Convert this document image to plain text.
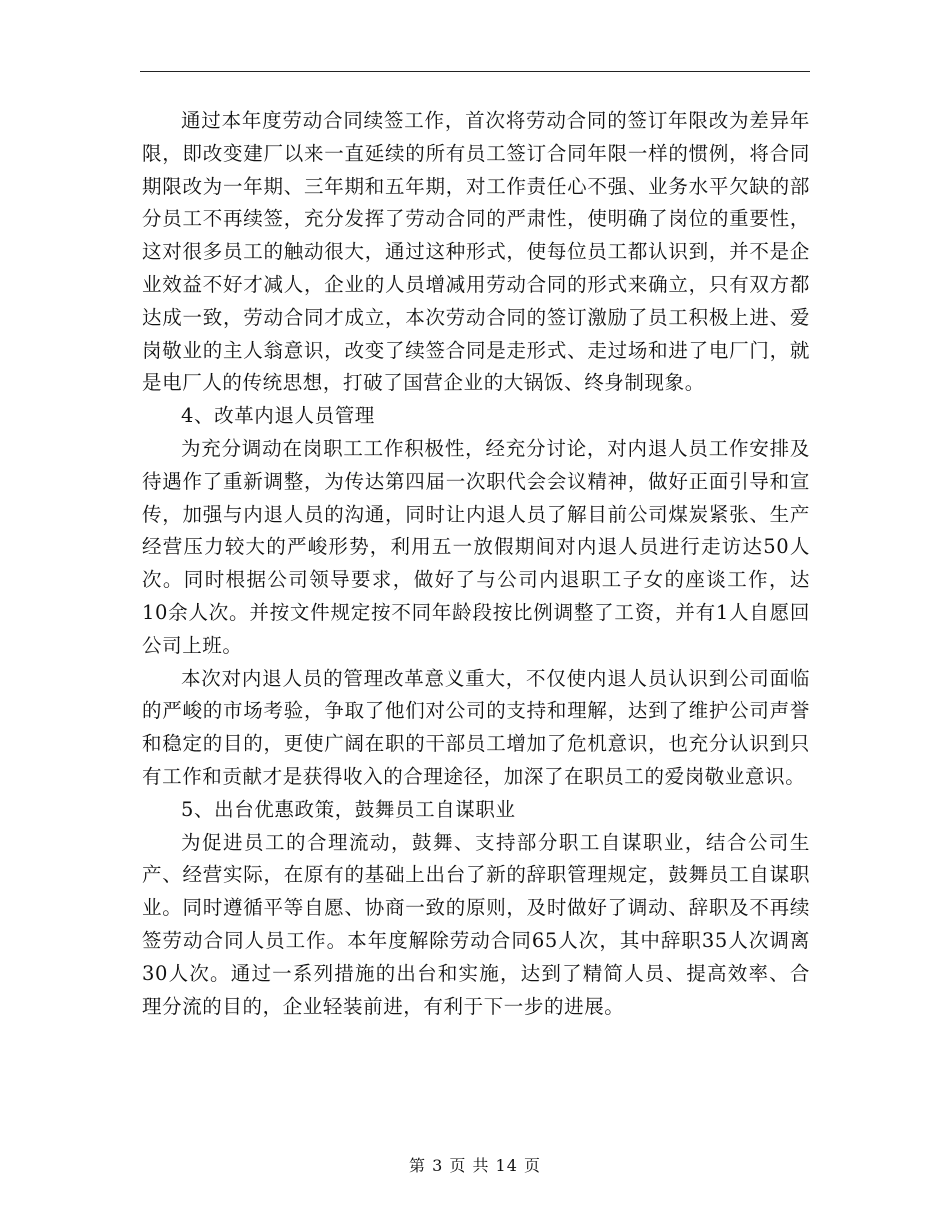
通过本年度劳动合同续签工作，首次将劳动合同的签订年限改为差异年限，即改变建厂以来一直延续的所有员工签订合同年限一样的惯例，将合同期限改为一年期、三年期和五年期，对工作责任心不强、业务水平欠缺的部分员工不再续签，充分发挥了劳动合同的严肃性，使明确了岗位的重要性，这对很多员工的触动很大，通过这种形式，使每位员工都认识到，并不是企业效益不好才减人，企业的人员增减用劳动合同的形式来确立，只有双方都达成一致，劳动合同才成立，本次劳动合同的签订激励了员工积极上进、爱岗敬业的主人翁意识，改变了续签合同是走形式、走过场和进了电厂门，就是电厂人的传统思想，打破了国营企业的大锅饭、终身制现象。

4、改革内退人员管理

为充分调动在岗职工工作积极性，经充分讨论，对内退人员工作安排及待遇作了重新调整，为传达第四届一次职代会会议精神，做好正面引导和宣传，加强与内退人员的沟通，同时让内退人员了解目前公司煤炭紧张、生产经营压力较大的严峻形势，利用五一放假期间对内退人员进行走访达50人次。同时根据公司领导要求，做好了与公司内退职工子女的座谈工作，达10余人次。并按文件规定按不同年龄段按比例调整了工资，并有1人自愿回公司上班。

本次对内退人员的管理改革意义重大，不仅使内退人员认识到公司面临的严峻的市场考验，争取了他们对公司的支持和理解，达到了维护公司声誉和稳定的目的，更使广阔在职的干部员工增加了危机意识，也充分认识到只有工作和贡献才是获得收入的合理途径，加深了在职员工的爱岗敬业意识。

5、出台优惠政策，鼓舞员工自谋职业

为促进员工的合理流动，鼓舞、支持部分职工自谋职业，结合公司生产、经营实际，在原有的基础上出台了新的辞职管理规定，鼓舞员工自谋职业。同时遵循平等自愿、协商一致的原则，及时做好了调动、辞职及不再续签劳动合同人员工作。本年度解除劳动合同65人次，其中辞职35人次调离30人次。通过一系列措施的出台和实施，达到了精简人员、提高效率、合理分流的目的，企业轻装前进，有利于下一步的进展。

第 3 页 共 14 页
